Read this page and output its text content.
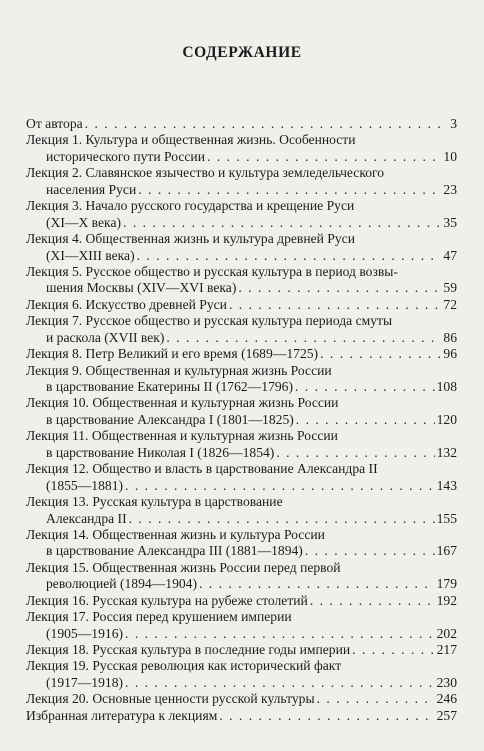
СОДЕРЖАНИЕ
От автора . . .	3
Лекция 1. Культура и общественная жизнь. Особенности
исторического пути России . . .	10
Лекция 2. Славянское язычество и культура земледельческого
населения Руси . . .	23
Лекция 3. Начало русского государства и крещение Руси
(XI—X века) . . .	35
Лекция 4. Общественная жизнь и культура древней Руси
(XI—XIII века) . . .	47
Лекция 5. Русское общество и русская культура в период возвы-
шения Москвы (XIV—XVI века) . . .	59
Лекция 6. Искусство древней Руси . . .	72
Лекция 7. Русское общество и русская культура периода смуты
и раскола (XVII век) . . .	86
Лекция 8. Петр Великий и его время (1689—1725) . . .	96
Лекция 9. Общественная и культурная жизнь России
в царствование Екатерины II (1762—1796) . . .	108
Лекция 10. Общественная и культурная жизнь России
в царствование Александра I (1801—1825) . . .	120
Лекция 11. Общественная и культурная жизнь России
в царствование Николая I (1826—1854) . . .	132
Лекция 12. Общество и власть в царствование Александра II
(1855—1881) . . .	143
Лекция 13. Русская культура в царствование
Александра II . . .	155
Лекция 14. Общественная жизнь и культура России
в царствование Александра III (1881—1894) . . .	167
Лекция 15. Общественная жизнь России перед первой
революцией (1894—1904) . . .	179
Лекция 16. Русская культура на рубеже столетий . . .	192
Лекция 17. Россия перед крушением империи
(1905—1916) . . .	202
Лекция 18. Русская культура в последние годы империи . . .	217
Лекция 19. Русская революция как исторический факт
(1917—1918) . . .	230
Лекция 20. Основные ценности русской культуры . . .	246
Избранная литература к лекциям . . .	257
